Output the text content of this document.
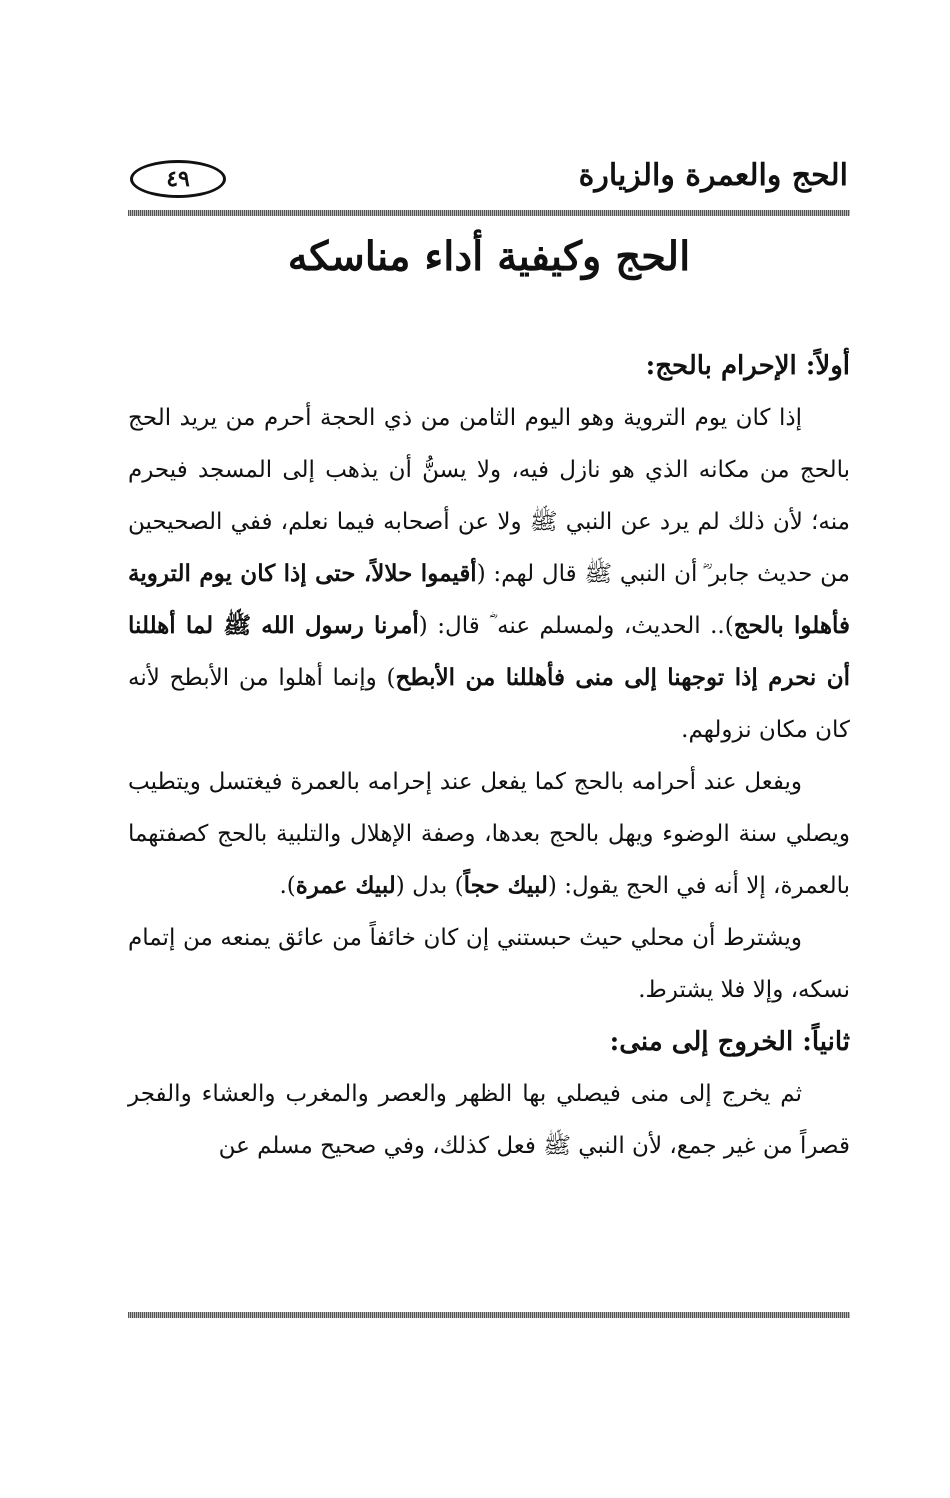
الحج والعمرة والزيارة
٤٩
الحج وكيفية أداء مناسكه
أولاً: الإحرام بالحج:
إذا كان يوم التروية وهو اليوم الثامن من ذي الحجة أحرم من يريد الحج بالحج من مكانه الذي هو نازل فيه، ولا يسنُّ أن يذهب إلى المسجد فيحرم منه؛ لأن ذلك لم يرد عن النبي ﷺ ولا عن أصحابه فيما نعلم، ففي الصحيحين من حديث جابر ؓ أن النبي ﷺ قال لهم: (أقيموا حلالاً، حتى إذا كان يوم التروية فأهلوا بالحج).. الحديث، ولمسلم عنه ؓ قال: (أمرنا رسول الله ﷺ لما أهللنا أن نحرم إذا توجهنا إلى منى فأهللنا من الأبطح) وإنما أهلوا من الأبطح لأنه كان مكان نزولهم.
ويفعل عند أحرامه بالحج كما يفعل عند إحرامه بالعمرة فيغتسل ويتطيب ويصلي سنة الوضوء ويهل بالحج بعدها، وصفة الإهلال والتلبية بالحج كصفتهما بالعمرة، إلا أنه في الحج يقول: (لبيك حجاً) بدل (لبيك عمرة).
ويشترط أن محلي حيث حبستني إن كان خائفاً من عائق يمنعه من إتمام نسكه، وإلا فلا يشترط.
ثانياً: الخروج إلى منى:
ثم يخرج إلى منى فيصلي بها الظهر والعصر والمغرب والعشاء والفجر قصراً من غير جمع، لأن النبي ﷺ فعل كذلك، وفي صحيح مسلم عن
